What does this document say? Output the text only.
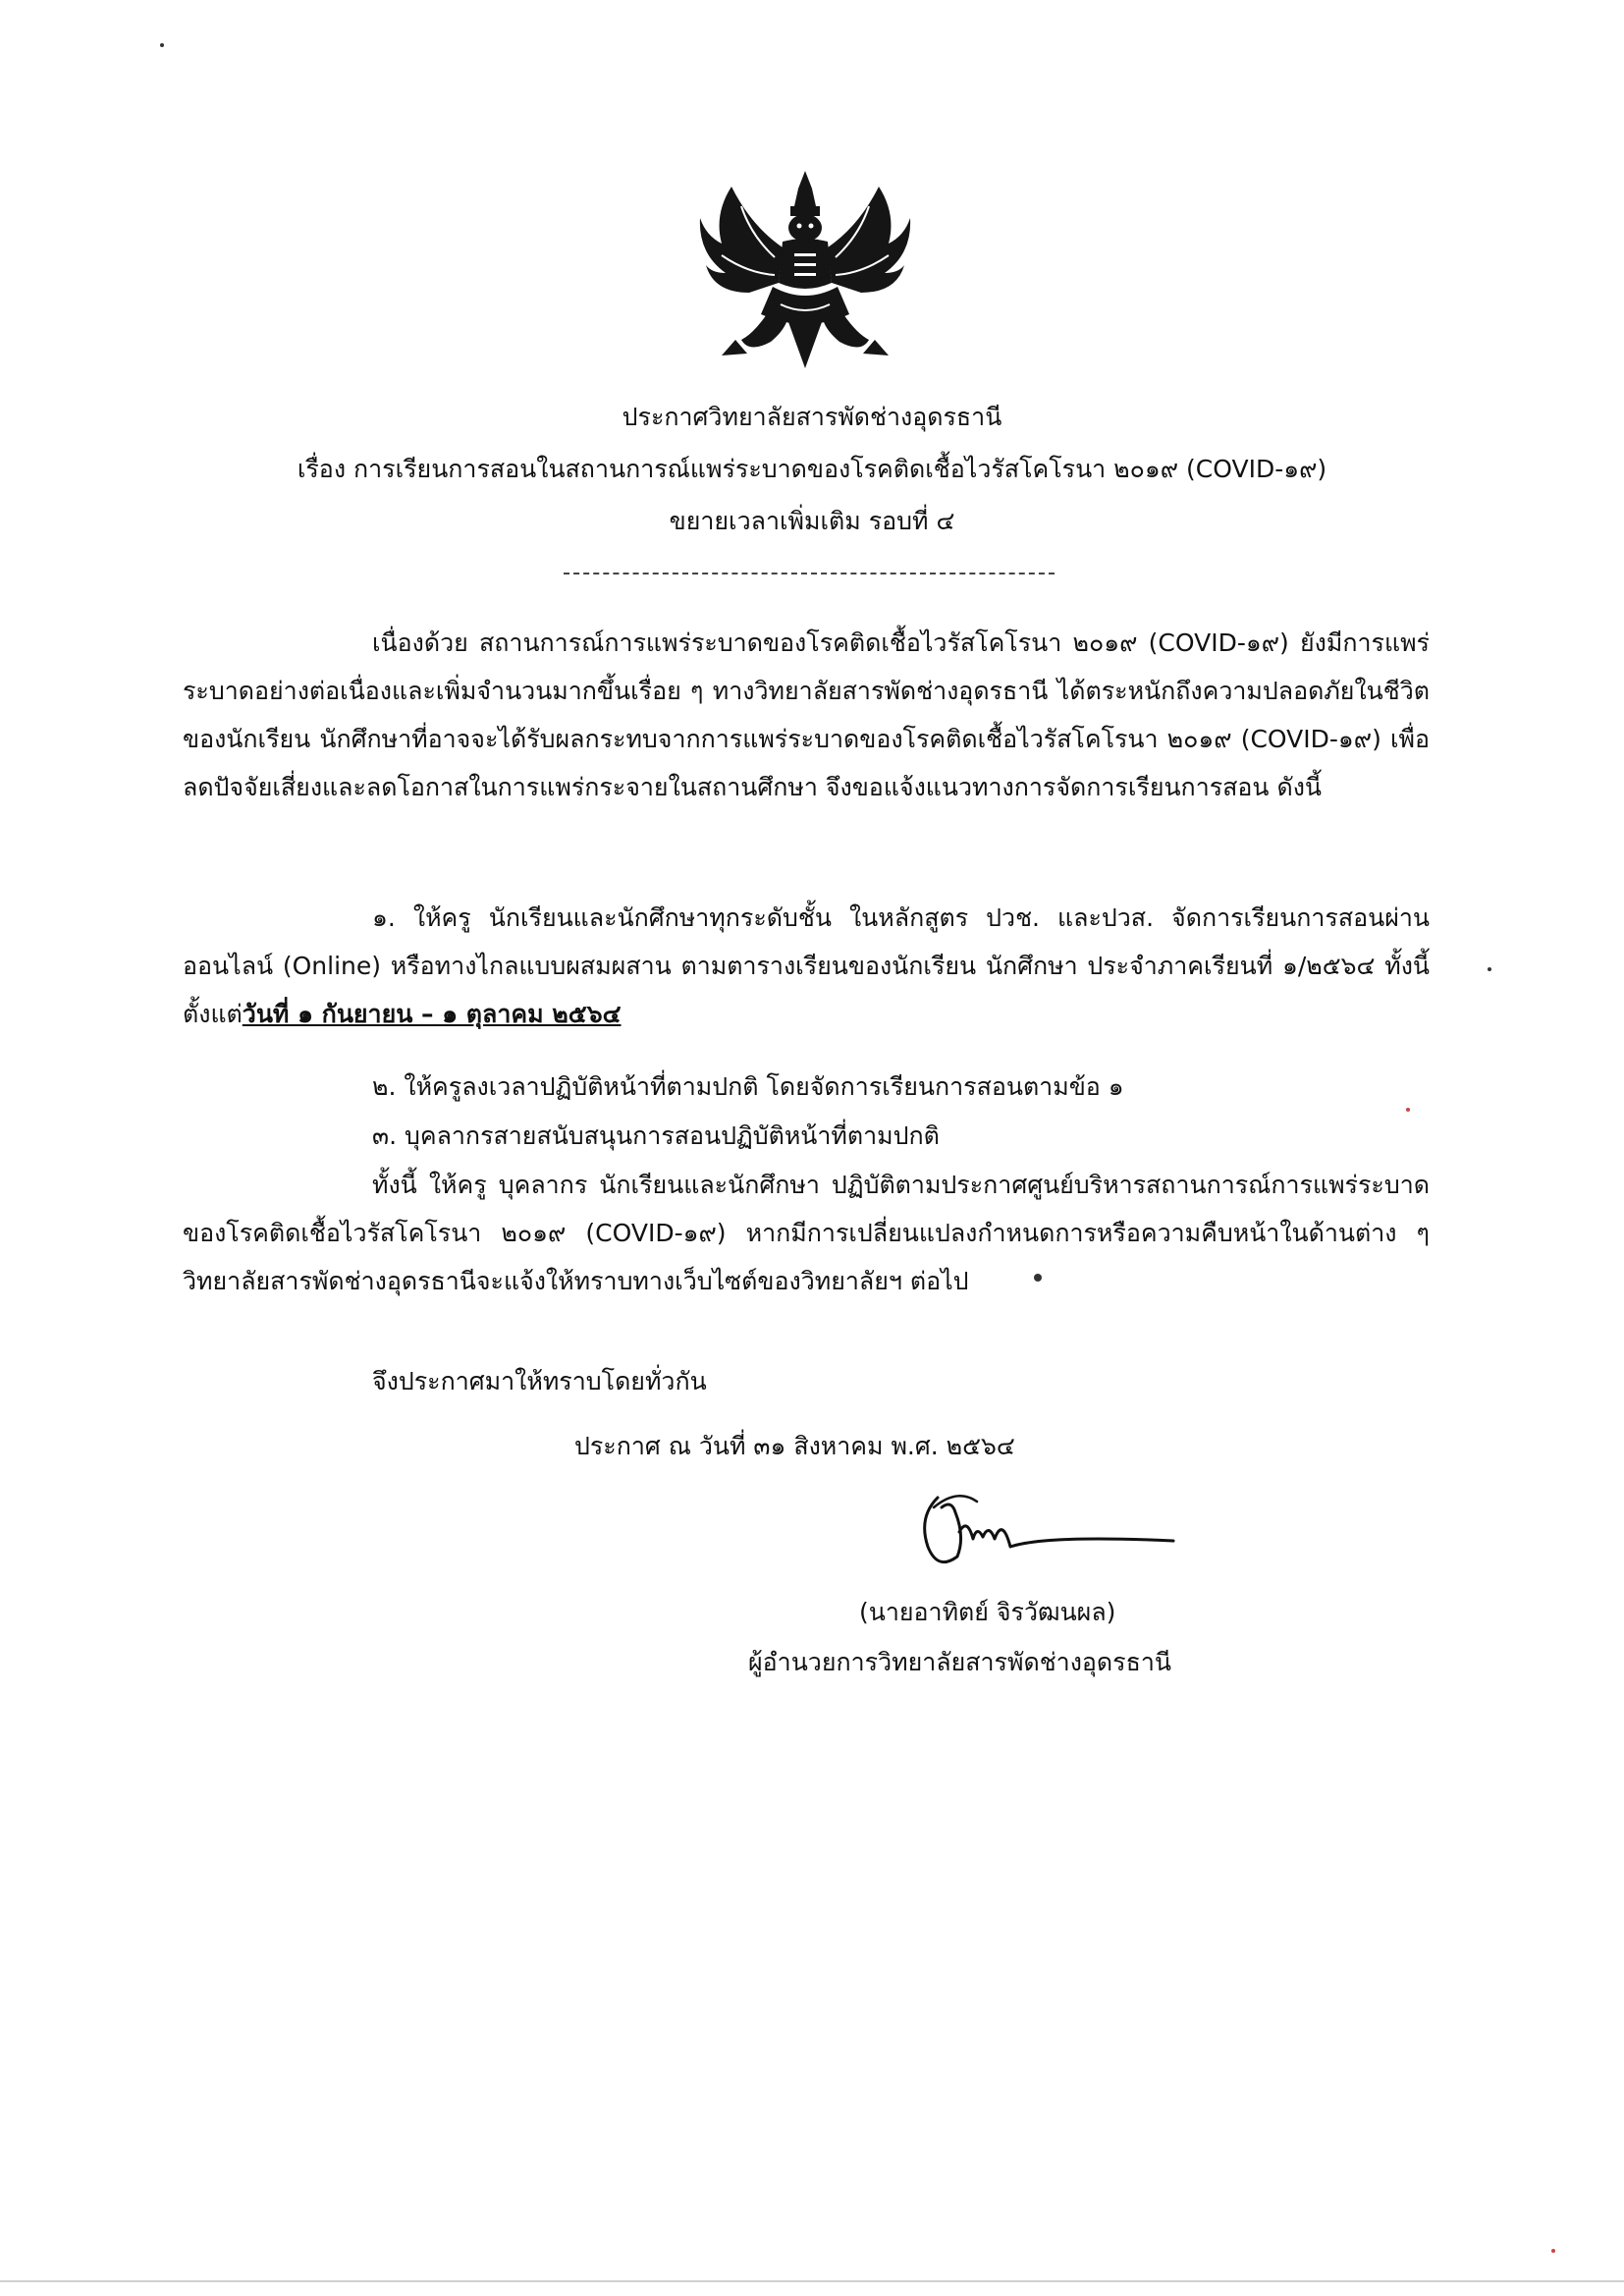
ประกาศวิทยาลัยสารพัดช่างอุดรธานี
เรื่อง การเรียนการสอนในสถานการณ์แพร่ระบาดของโรคติดเชื้อไวรัสโคโรนา ๒๐๑๙ (COVID-๑๙)
ขยายเวลาเพิ่มเติม รอบที่ ๔
เนื่องด้วย สถานการณ์การแพร่ระบาดของโรคติดเชื้อไวรัสโคโรนา ๒๐๑๙ (COVID-๑๙) ยังมีการแพร่ระบาดอย่างต่อเนื่องและเพิ่มจำนวนมากขึ้นเรื่อย ๆ ทางวิทยาลัยสารพัดช่างอุดรธานี ได้ตระหนักถึงความปลอดภัยในชีวิตของนักเรียน นักศึกษาที่อาจจะได้รับผลกระทบจากการแพร่ระบาดของโรคติดเชื้อไวรัสโคโรนา ๒๐๑๙ (COVID-๑๙) เพื่อลดปัจจัยเสี่ยงและลดโอกาสในการแพร่กระจายในสถานศึกษา จึงขอแจ้งแนวทางการจัดการเรียนการสอน ดังนี้
๑. ให้ครู นักเรียนและนักศึกษาทุกระดับชั้น ในหลักสูตร ปวช. และปวส. จัดการเรียนการสอนผ่านออนไลน์ (Online) หรือทางไกลแบบผสมผสาน ตามตารางเรียนของนักเรียน นักศึกษา ประจำภาคเรียนที่ ๑/๒๕๖๔ ทั้งนี้ตั้งแต่วันที่ ๑ กันยายน – ๑ ตุลาคม ๒๕๖๔
๒. ให้ครูลงเวลาปฏิบัติหน้าที่ตามปกติ โดยจัดการเรียนการสอนตามข้อ ๑
๓. บุคลากรสายสนับสนุนการสอนปฏิบัติหน้าที่ตามปกติ
ทั้งนี้ ให้ครู บุคลากร นักเรียนและนักศึกษา ปฏิบัติตามประกาศศูนย์บริหารสถานการณ์การแพร่ระบาดของโรคติดเชื้อไวรัสโคโรนา ๒๐๑๙ (COVID-๑๙) หากมีการเปลี่ยนแปลงกำหนดการหรือความคืบหน้าในด้านต่าง ๆ วิทยาลัยสารพัดช่างอุดรธานีจะแจ้งให้ทราบทางเว็บไซต์ของวิทยาลัยฯ ต่อไป
จึงประกาศมาให้ทราบโดยทั่วกัน
ประกาศ ณ วันที่ ๓๑ สิงหาคม พ.ศ. ๒๕๖๔
(นายอาทิตย์ จิรวัฒนผล)
ผู้อำนวยการวิทยาลัยสารพัดช่างอุดรธานี
